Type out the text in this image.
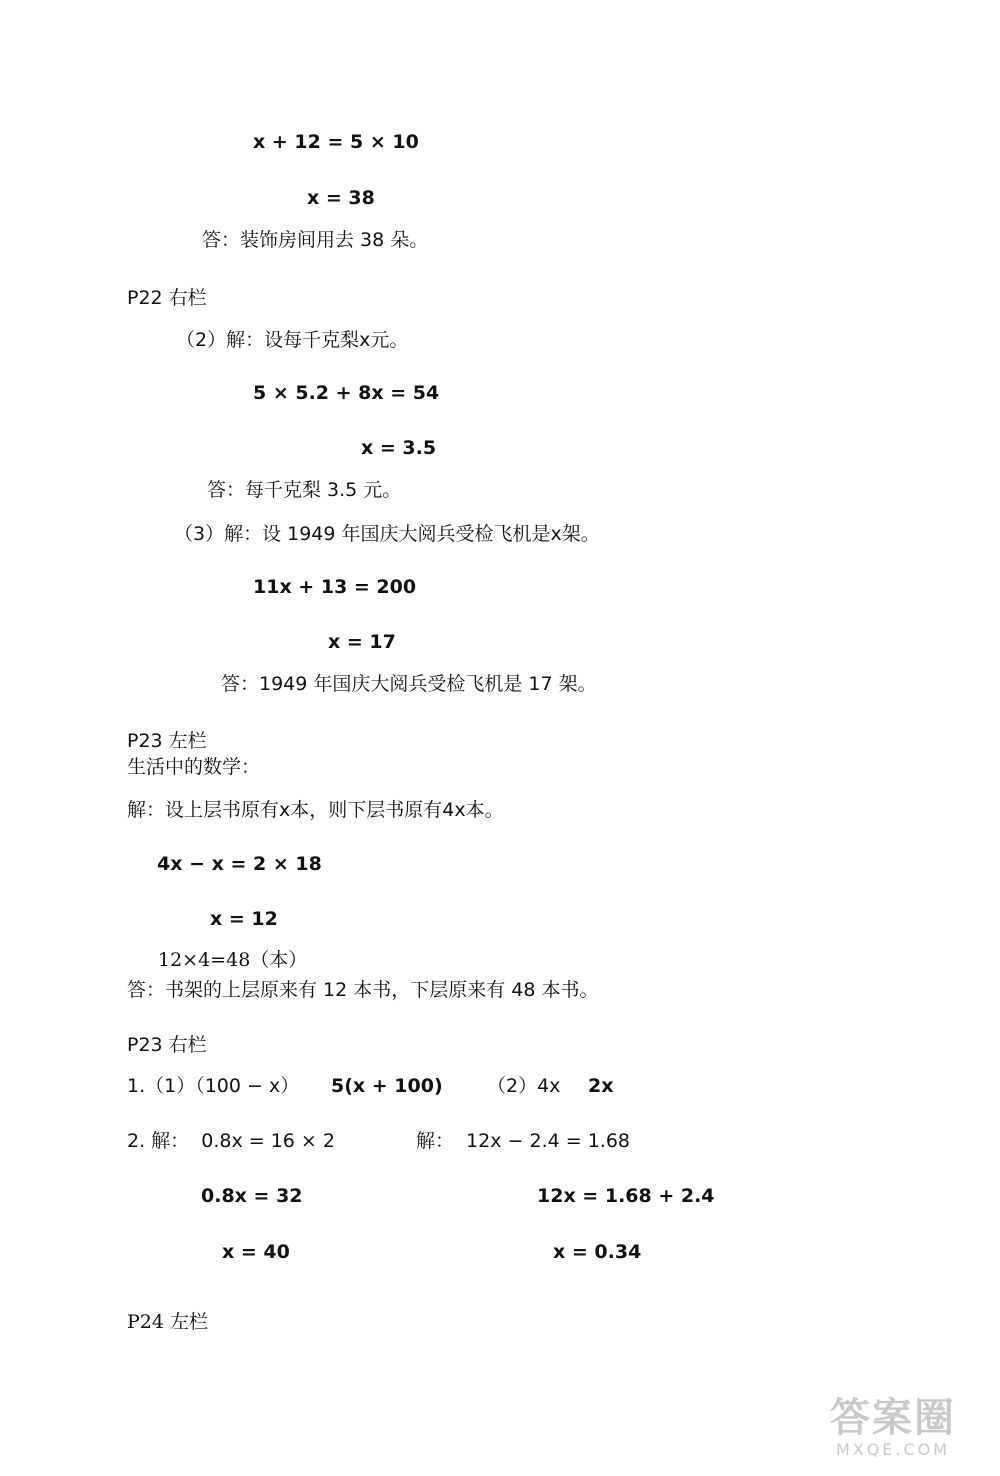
x + 12 = 5 × 10
x = 38
答：装饰房间用去 38 朵。
P22 右栏
（2）解：设每千克梨x元。
5 × 5.2 + 8x = 54
x = 3.5
答：每千克梨 3.5 元。
（3）解：设 1949 年国庆大阅兵受检飞机是x架。
11x + 13 = 200
x = 17
答：1949 年国庆大阅兵受检飞机是 17 架。
P23 左栏
生活中的数学：
解：设上层书原有x本，则下层书原有4x本。
4x − x = 2 × 18
x = 12
12×4=48（本）
答：书架的上层原来有 12 本书，下层原来有 48 本书。
P23 右栏
1.（1）（100 − x） 5(x + 100) （2）4x 2x
2. 解：  0.8x = 16 × 2	解：  12x − 2.4 = 1.68
0.8x = 32	12x = 1.68 + 2.4
x = 40	x = 0.34
P24 左栏
答案圈
MXQE.COM
